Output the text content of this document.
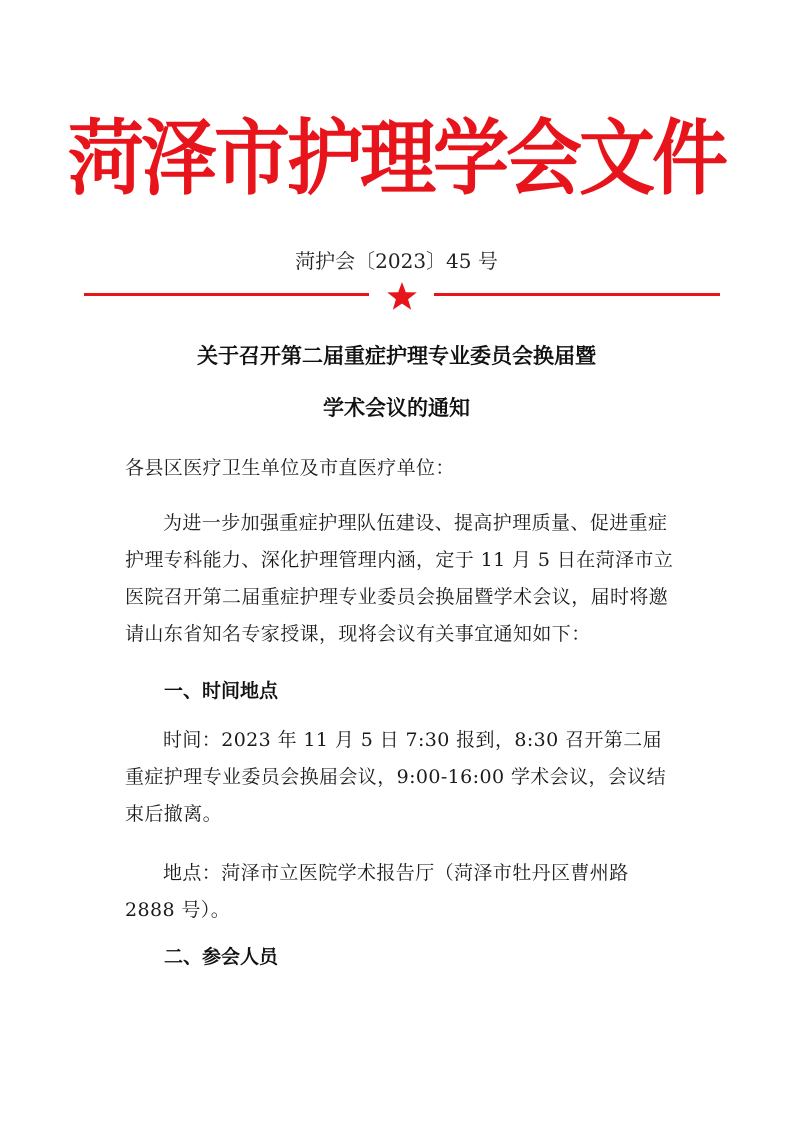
菏泽市护理学会文件
菏护会〔2023〕45 号
关于召开第二届重症护理专业委员会换届暨
学术会议的通知

各县区医疗卫生单位及市直医疗单位：

为进一步加强重症护理队伍建设、提高护理质量、促进重症护理专科能力、深化护理管理内涵，定于 11 月 5 日在菏泽市立医院召开第二届重症护理专业委员会换届暨学术会议，届时将邀请山东省知名专家授课，现将会议有关事宜通知如下：

一、时间地点

时间：2023 年 11 月 5 日 7:30 报到，8:30 召开第二届重症护理专业委员会换届会议，9:00-16:00 学术会议，会议结束后撤离。

地点：菏泽市立医院学术报告厅（菏泽市牡丹区曹州路 2888 号）。

二、参会人员
